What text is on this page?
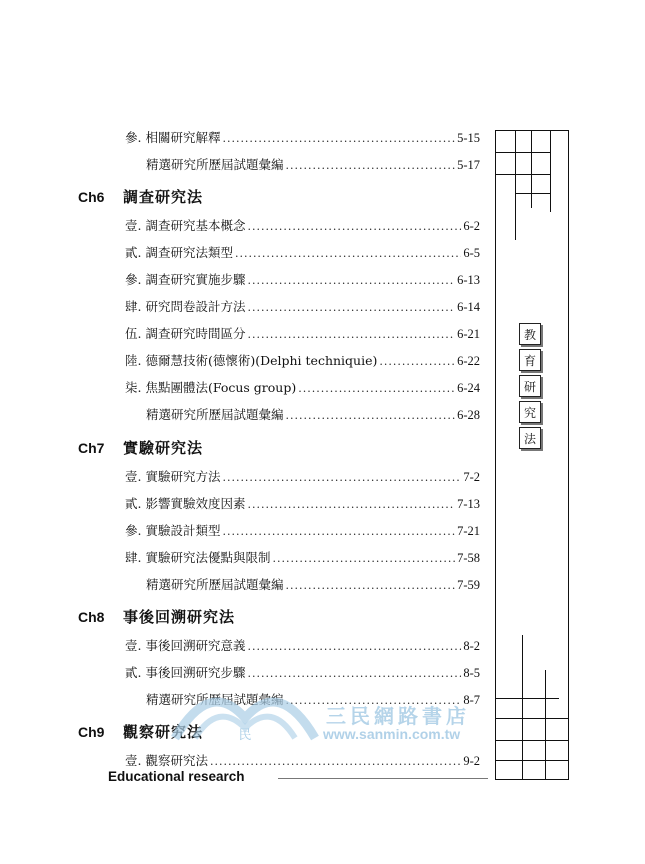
參. 相關研究解釋 .....	5-15
精選研究所歷屆試題彙編 .....	5-17
Ch6	調查研究法
壹. 調查研究基本概念 .....	6-2
貳. 調查研究法類型 .....	6-5
參. 調查研究實施步驟 .....	6-13
肆. 研究問卷設計方法 .....	6-14
伍. 調查研究時間區分 .....	6-21
陸. 德爾慧技術(德懷術)(Delphi techniquie) .....	6-22
柒. 焦點團體法(Focus group) .....	6-24
精選研究所歷屆試題彙編 .....	6-28
Ch7	實驗研究法
壹. 實驗研究方法 .....	7-2
貳. 影響實驗效度因素 .....	7-13
參. 實驗設計類型 .....	7-21
肆. 實驗研究法優點與限制 .....	7-58
精選研究所歷屆試題彙編 .....	7-59
Ch8	事後回溯研究法
壹. 事後回溯研究意義 .....	8-2
貳. 事後回溯研究步驟 .....	8-5
精選研究所歷屆試題彙編 .....	8-7
Ch9	觀察研究法
壹. 觀察研究法 .....	9-2
教
育
研
究
法
民
三民網路書店
www.sanmin.com.tw
Educational research
